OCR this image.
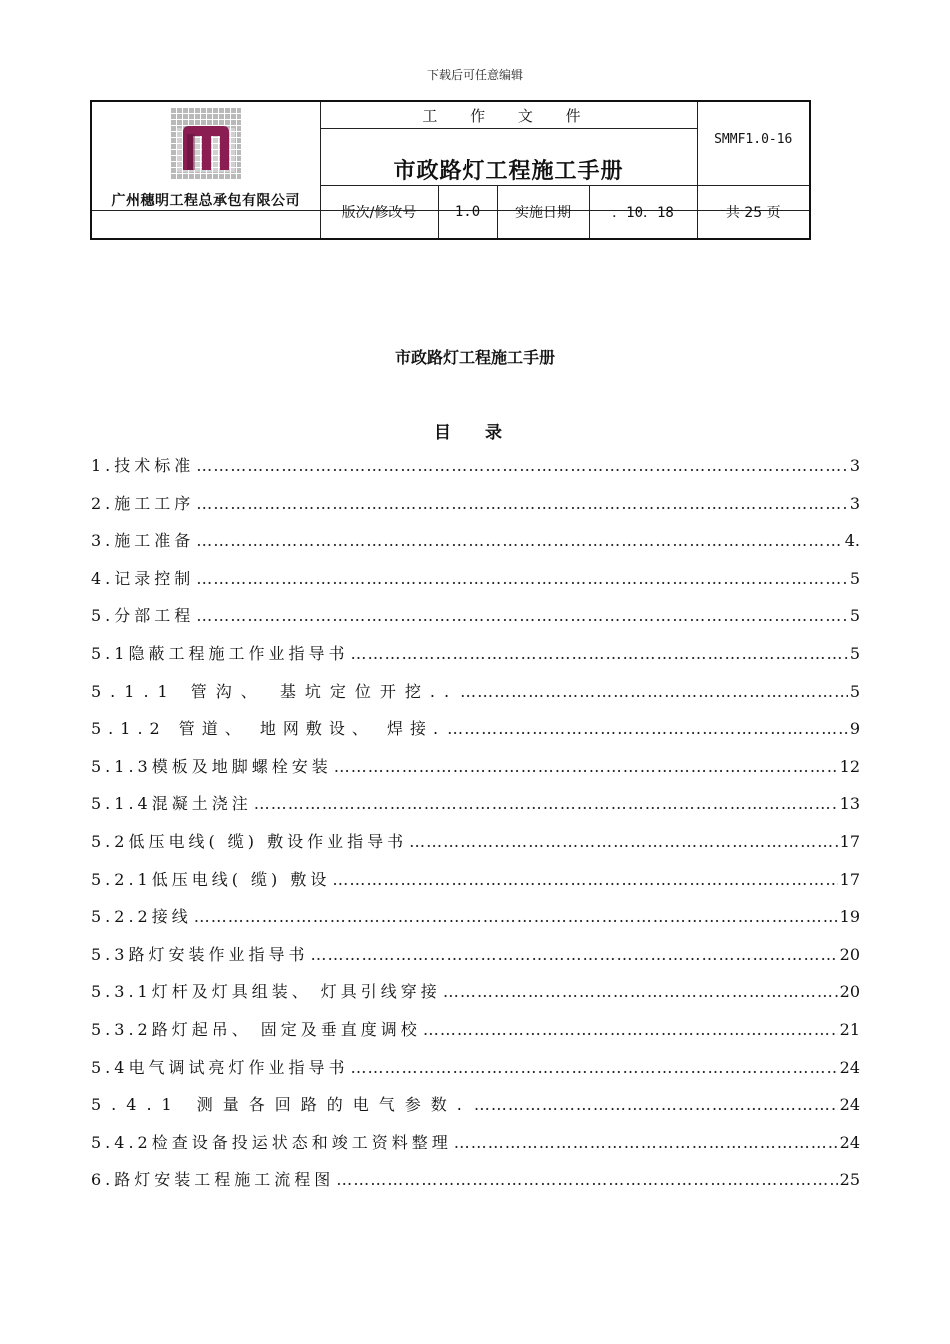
下载后可任意编辑
广州穗明工程总承包有限公司
	工 作 文 件	SMMF1.0-16
市政路灯工程施工手册
	版次/修改号	1.0	实施日期	．10．18	共 25 页
市政路灯工程施工手册
目 录
1.技术标准 …………………………………………………………………………………………………………………………………………………………	3
2.施工工序 …………………………………………………………………………………………………………………………………………………………	3
3.施工准备 …………………………………………………………………………………………………………………………………………………………	4.
4.记录控制 …………………………………………………………………………………………………………………………………………………………	5
5.分部工程 …………………………………………………………………………………………………………………………………………………………	5
5.1隐蔽工程施工作业指导书 …………………………………………………………………………………………………………………………………………………………	5
5.1.1 管沟、 基坑定位开挖.. …………………………………………………………………………………………………………………………………………………………	5
5.1.2 管道、 地网敷设、 焊接. …………………………………………………………………………………………………………………………………………………………	9
5.1.3模板及地脚螺栓安装 …………………………………………………………………………………………………………………………………………………………	12
5.1.4混凝土浇注 …………………………………………………………………………………………………………………………………………………………	13
5.2低压电线( 缆) 敷设作业指导书 …………………………………………………………………………………………………………………………………………………………	17
5.2.1低压电线( 缆) 敷设 …………………………………………………………………………………………………………………………………………………………	17
5.2.2接线 …………………………………………………………………………………………………………………………………………………………	19
5.3路灯安装作业指导书 …………………………………………………………………………………………………………………………………………………………	20
5.3.1灯杆及灯具组装、 灯具引线穿接 …………………………………………………………………………………………………………………………………………………………	20
5.3.2路灯起吊、 固定及垂直度调校 …………………………………………………………………………………………………………………………………………………………	21
5.4电气调试亮灯作业指导书 …………………………………………………………………………………………………………………………………………………………	24
5.4.1 测量各回路的电气参数. …………………………………………………………………………………………………………………………………………………………	24
5.4.2检查设备投运状态和竣工资料整理 …………………………………………………………………………………………………………………………………………………………	24
6.路灯安装工程施工流程图 …………………………………………………………………………………………………………………………………………………………	25
